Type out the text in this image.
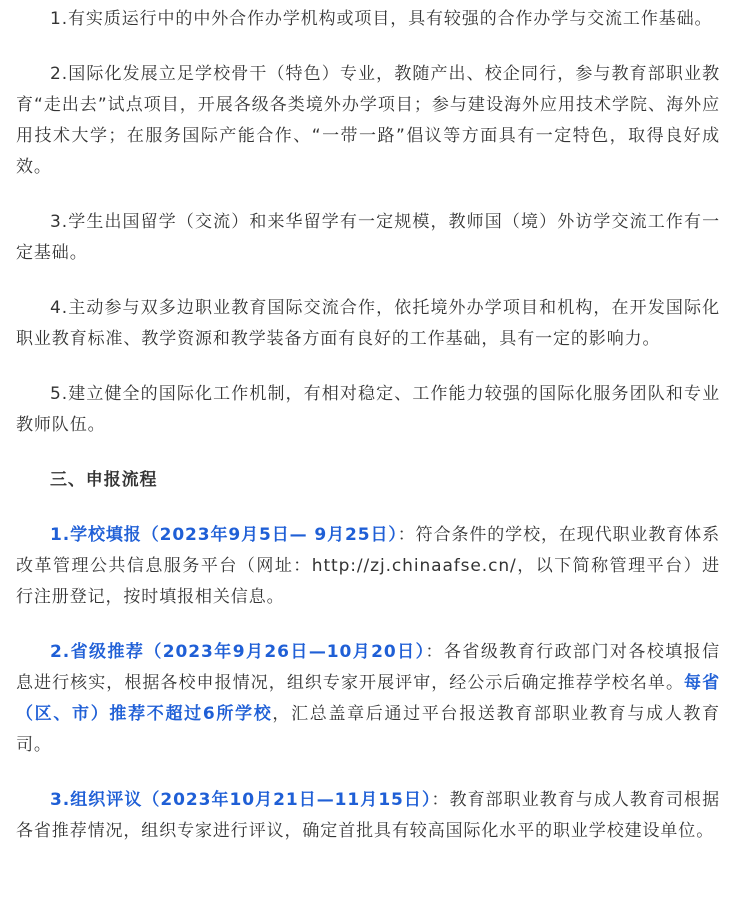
1.有实质运行中的中外合作办学机构或项目，具有较强的合作办学与交流工作基础。

2.国际化发展立足学校骨干（特色）专业，教随产出、校企同行，参与教育部职业教育“走出去”试点项目，开展各级各类境外办学项目；参与建设海外应用技术学院、海外应用技术大学；在服务国际产能合作、“一带一路”倡议等方面具有一定特色，取得良好成效。

3.学生出国留学（交流）和来华留学有一定规模，教师国（境）外访学交流工作有一定基础。

4.主动参与双多边职业教育国际交流合作，依托境外办学项目和机构，在开发国际化职业教育标准、教学资源和教学装备方面有良好的工作基础，具有一定的影响力。

5.建立健全的国际化工作机制，有相对稳定、工作能力较强的国际化服务团队和专业教师队伍。

三、申报流程

1.学校填报（2023年9月5日— 9月25日）：符合条件的学校，在现代职业教育体系改革管理公共信息服务平台（网址：http://zj.chinaafse.cn/，以下简称管理平台）进行注册登记，按时填报相关信息。

2.省级推荐（2023年9月26日—10月20日）：各省级教育行政部门对各校填报信息进行核实，根据各校申报情况，组织专家开展评审，经公示后确定推荐学校名单。每省（区、市）推荐不超过6所学校，汇总盖章后通过平台报送教育部职业教育与成人教育司。

3.组织评议（2023年10月21日—11月15日）：教育部职业教育与成人教育司根据各省推荐情况，组织专家进行评议，确定首批具有较高国际化水平的职业学校建设单位。
